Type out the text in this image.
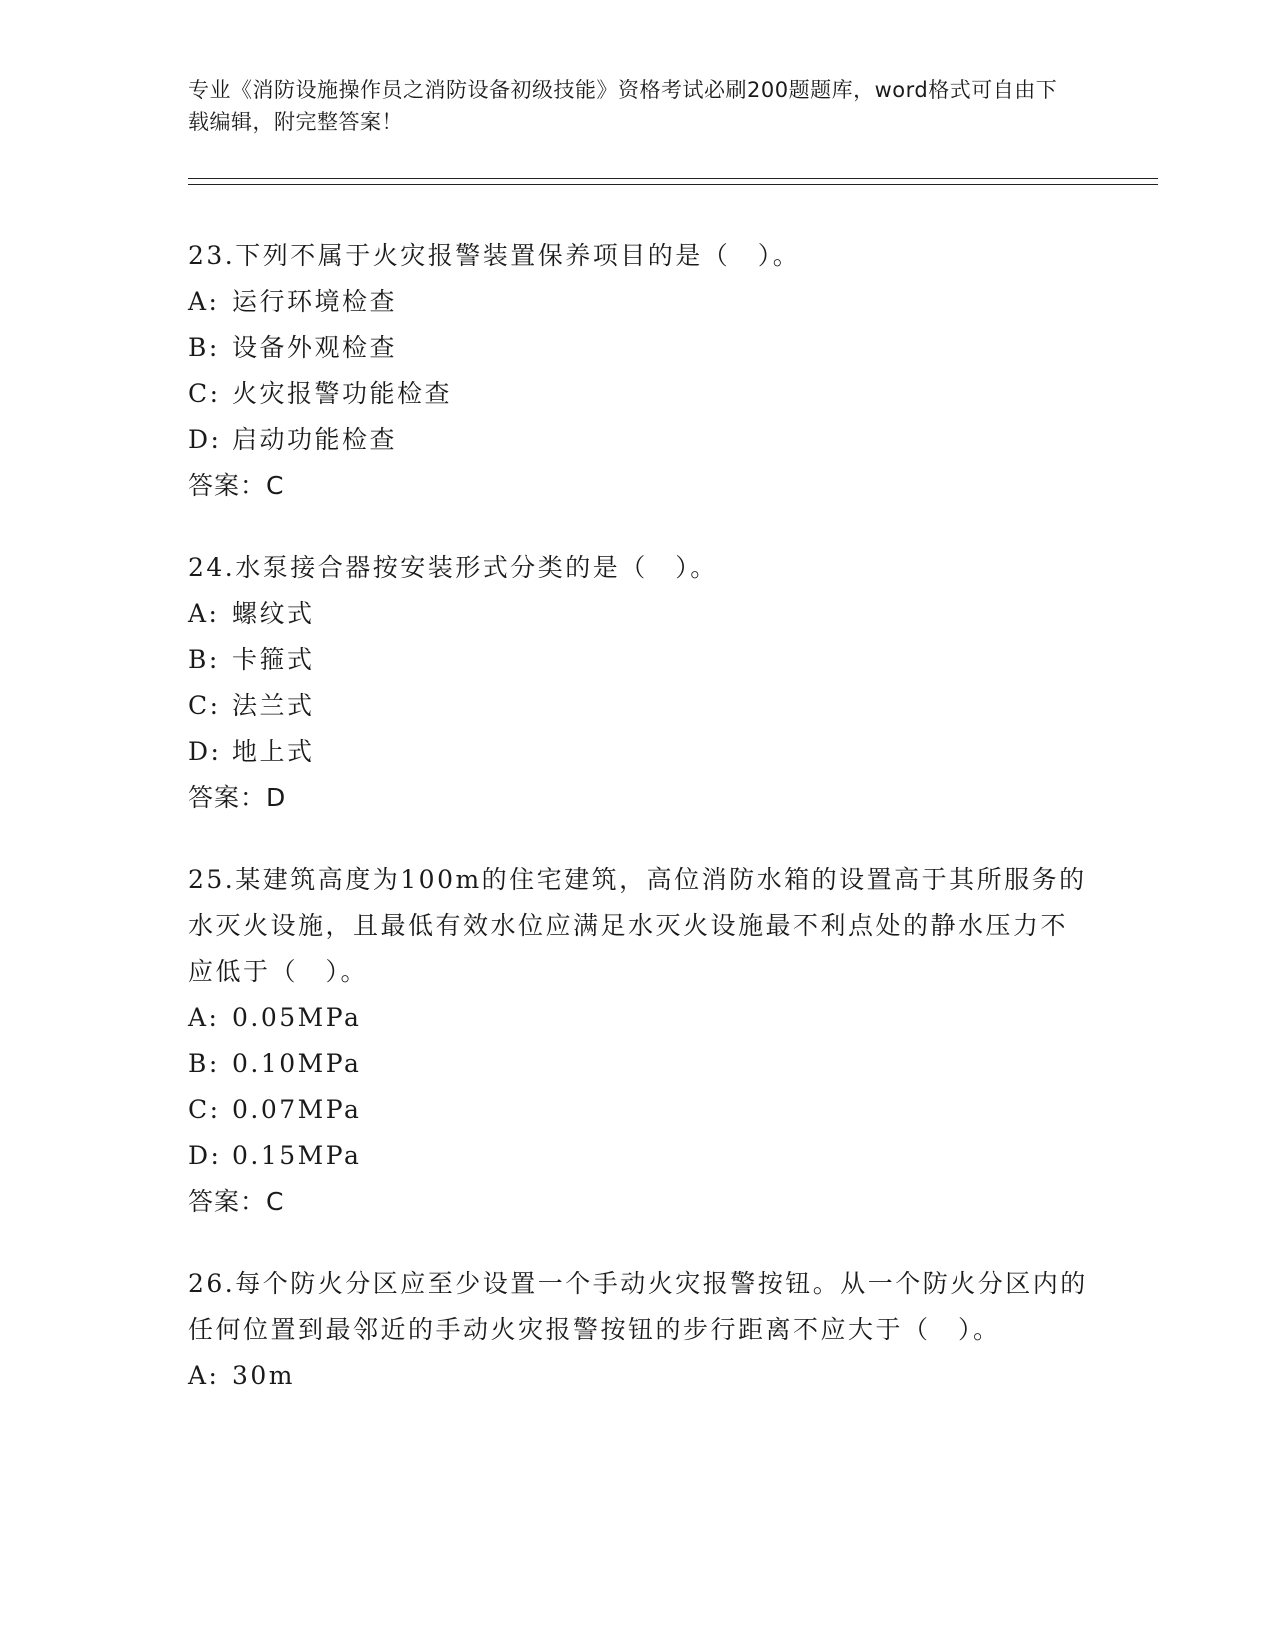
专业《消防设施操作员之消防设备初级技能》资格考试必刷200题题库，word格式可自由下载编辑，附完整答案！

23.下列不属于火灾报警装置保养项目的是（　）。

A: 运行环境检查
B: 设备外观检查
C: 火灾报警功能检查
D: 启动功能检查
答案：C

24.水泵接合器按安装形式分类的是（　）。

A: 螺纹式
B: 卡箍式
C: 法兰式
D: 地上式
答案：D

25.某建筑高度为100m的住宅建筑，高位消防水箱的设置高于其所服务的水灭火设施，且最低有效水位应满足水灭火设施最不利点处的静水压力不应低于（　）。

A: 0.05MPa
B: 0.10MPa
C: 0.07MPa
D: 0.15MPa
答案：C

26.每个防火分区应至少设置一个手动火灾报警按钮。从一个防火分区内的任何位置到最邻近的手动火灾报警按钮的步行距离不应大于（　）。

A: 30m
